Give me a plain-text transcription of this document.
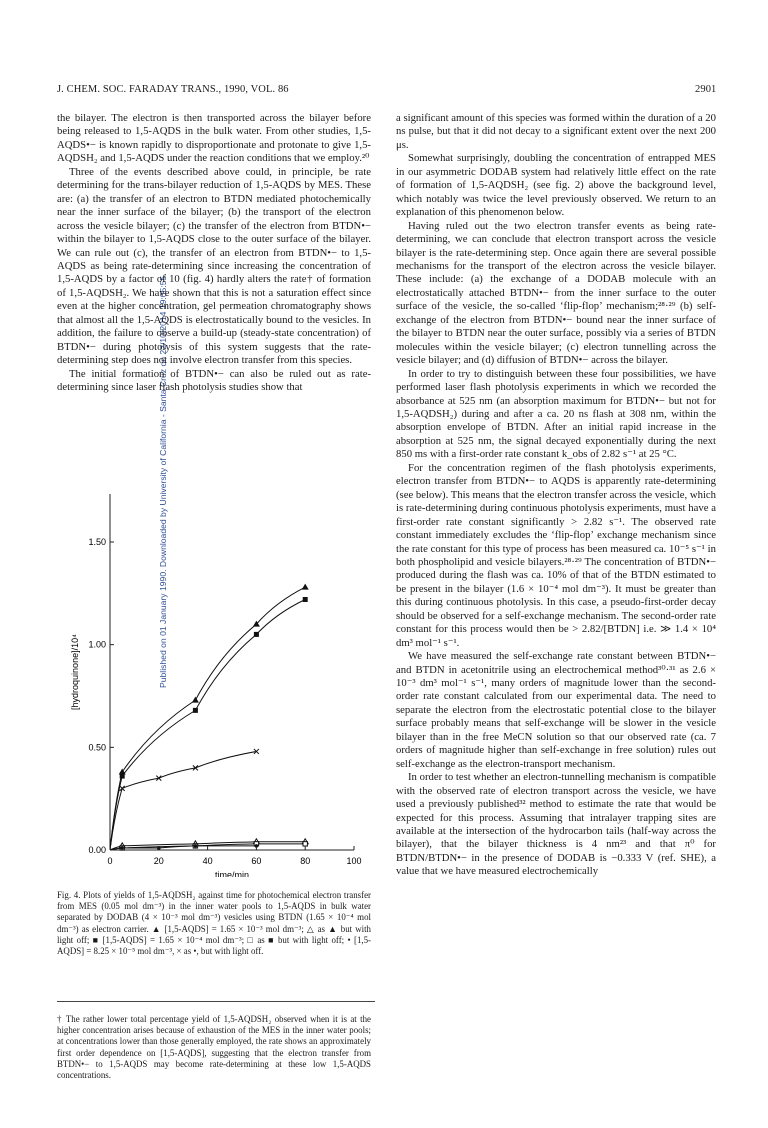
J. CHEM. SOC. FARADAY TRANS., 1990, VOL. 86	2901
Published on 01 January 1990. Downloaded by University of California - Santa Cruz on 22/10/2014 19:05:55.

the bilayer. The electron is then transported across the bilayer before being released to 1,5-AQDS in the bulk water. From other studies, 1,5-AQDS•− is known rapidly to disproportionate and protonate to give 1,5-AQDSH₂ and 1,5-AQDS under the reaction conditions that we employ.²⁰

Three of the events described above could, in principle, be rate determining for the trans-bilayer reduction of 1,5-AQDS by MES. These are: (a) the transfer of an electron to BTDN mediated photochemically near the inner surface of the bilayer; (b) the transport of the electron across the vesicle bilayer; (c) the transfer of the electron from BTDN•− within the bilayer to 1,5-AQDS close to the outer surface of the bilayer. We can rule out (c), the transfer of an electron from BTDN•− to 1,5-AQDS as being rate-determining since increasing the concentration of 1,5-AQDS by a factor of 10 (fig. 4) hardly alters the rate† of formation of 1,5-AQDSH₂. We have shown that this is not a saturation effect since even at the higher concentration, gel permeation chromatography shows that almost all the 1,5-AQDS is electrostatically bound to the vesicles. In addition, the failure to observe a build-up (steady-state concentration) of BTDN•− during photolysis of this system suggests that the rate-determining step does not involve electron transfer from this species.

The initial formation of BTDN•− can also be ruled out as rate-determining since laser flash photolysis studies show that

0	20	40	60	80	100
0.00
0.50
1.00
1.50
time/min
[hydroquinone]/10⁴
Fig. 4. Plots of yields of 1,5-AQDSH₂ against time for photochemical electron transfer from MES (0.05 mol dm⁻³) in the inner water pools to 1,5-AQDS in bulk water separated by DODAB (4 × 10⁻³ mol dm⁻³) vesicles using BTDN (1.65 × 10⁻⁴ mol dm⁻³) as electron carrier. ▲ [1,5-AQDS] = 1.65 × 10⁻³ mol dm⁻³; △ as ▲ but with light off; ■ [1,5-AQDS] = 1.65 × 10⁻⁴ mol dm⁻³; □ as ■ but with light off; • [1,5-AQDS] = 8.25 × 10⁻⁵ mol dm⁻³, × as •, but with light off.
† The rather lower total percentage yield of 1,5-AQDSH₂ observed when it is at the higher concentration arises because of exhaustion of the MES in the inner water pools; at concentrations lower than those generally employed, the rate shows an approximately first order dependence on [1,5-AQDS], suggesting that the electron transfer from BTDN•− to 1,5-AQDS may become rate-determining at these low 1,5-AQDS concentrations.

a significant amount of this species was formed within the duration of a 20 ns pulse, but that it did not decay to a significant extent over the next 200 μs.

Somewhat surprisingly, doubling the concentration of entrapped MES in our asymmetric DODAB system had relatively little effect on the rate of formation of 1,5-AQDSH₂ (see fig. 2) above the background level, which notably was twice the level previously observed. We return to an explanation of this phenomenon below.

Having ruled out the two electron transfer events as being rate-determining, we can conclude that electron transport across the vesicle bilayer is the rate-determining step. Once again there are several possible mechanisms for the transport of the electron across the vesicle bilayer. These include: (a) the exchange of a DODAB molecule with an electrostatically attached BTDN•− from the inner surface to the outer surface of the vesicle, the so-called ‘flip-flop’ mechanism;²⁸·²⁹ (b) self-exchange of the electron from BTDN•− bound near the inner surface of the bilayer to BTDN near the outer surface, possibly via a series of BTDN molecules within the vesicle bilayer; (c) electron tunnelling across the vesicle bilayer; and (d) diffusion of BTDN•− across the bilayer.

In order to try to distinguish between these four possibilities, we have performed laser flash photolysis experiments in which we recorded the absorbance at 525 nm (an absorption maximum for BTDN•− but not for 1,5-AQDSH₂) during and after a ca. 20 ns flash at 308 nm, within the absorption envelope of BTDN. After an initial rapid increase in the absorption at 525 nm, the signal decayed exponentially during the next 850 ms with a first-order rate constant k_obs of 2.82 s⁻¹ at 25 °C.

For the concentration regimen of the flash photolysis experiments, electron transfer from BTDN•− to AQDS is apparently rate-determining (see below). This means that the electron transfer across the vesicle, which is rate-determining during continuous photolysis experiments, must have a first-order rate constant significantly > 2.82 s⁻¹. The observed rate constant immediately excludes the ‘flip-flop’ exchange mechanism since the rate constant for this type of process has been measured ca. 10⁻⁵ s⁻¹ in both phospholipid and vesicle bilayers.²⁸·²⁹ The concentration of BTDN•− produced during the flash was ca. 10% of that of the BTDN estimated to be present in the bilayer (1.6 × 10⁻⁴ mol dm⁻³). It must be greater than this during continuous photolysis. In this case, a pseudo-first-order decay should be observed for a self-exchange mechanism. The second-order rate constant for this process would then be > 2.82/[BTDN] i.e. ≫ 1.4 × 10⁴ dm³ mol⁻¹ s⁻¹.

We have measured the self-exchange rate constant between BTDN•− and BTDN in acetonitrile using an electrochemical method³⁰·³¹ as 2.6 × 10⁻³ dm³ mol⁻¹ s⁻¹, many orders of magnitude lower than the second-order rate constant calculated from our experimental data. The need to separate the electron from the electrostatic potential close to the bilayer surface probably means that self-exchange will be slower in the vesicle bilayer than in the free MeCN solution so that our observed rate (ca. 7 orders of magnitude higher than self-exchange in free solution) rules out self-exchange as the electron-transport mechanism.

In order to test whether an electron-tunnelling mechanism is compatible with the observed rate of electron transport across the vesicle, we have used a previously published³² method to estimate the rate that would be expected for this process. Assuming that intralayer trapping sites are available at the intersection of the hydrocarbon tails (half-way across the bilayer), that the bilayer thickness is 4 nm²³ and that π⁰ for BTDN/BTDN•− in the presence of DODAB is −0.333 V (ref. SHE), a value that we have measured electrochemically
